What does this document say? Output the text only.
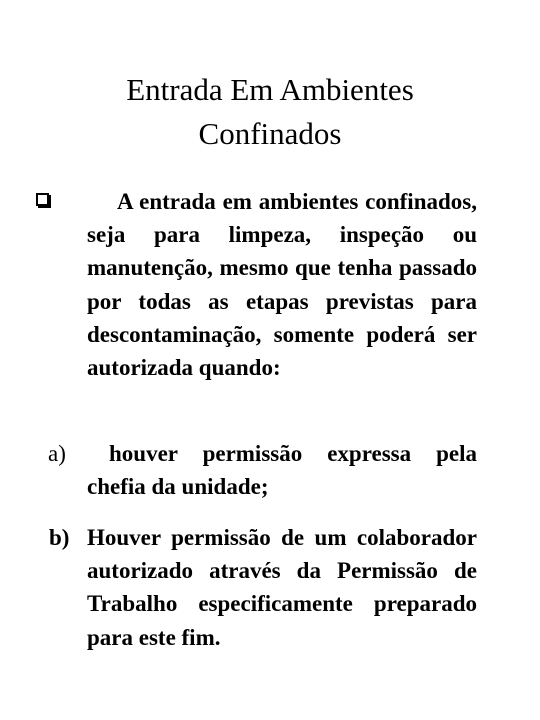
Entrada Em Ambientes
Confinados
A entrada em ambientes confinados, seja para limpeza, inspeção ou manutenção, mesmo que tenha passado por todas as etapas previstas para descontaminação, somente poderá ser autorizada quando:
a)	houver permissão expressa pela chefia da unidade;
b) Houver permissão de um colaborador autorizado através da Permissão de Trabalho especificamente preparado para este fim.
